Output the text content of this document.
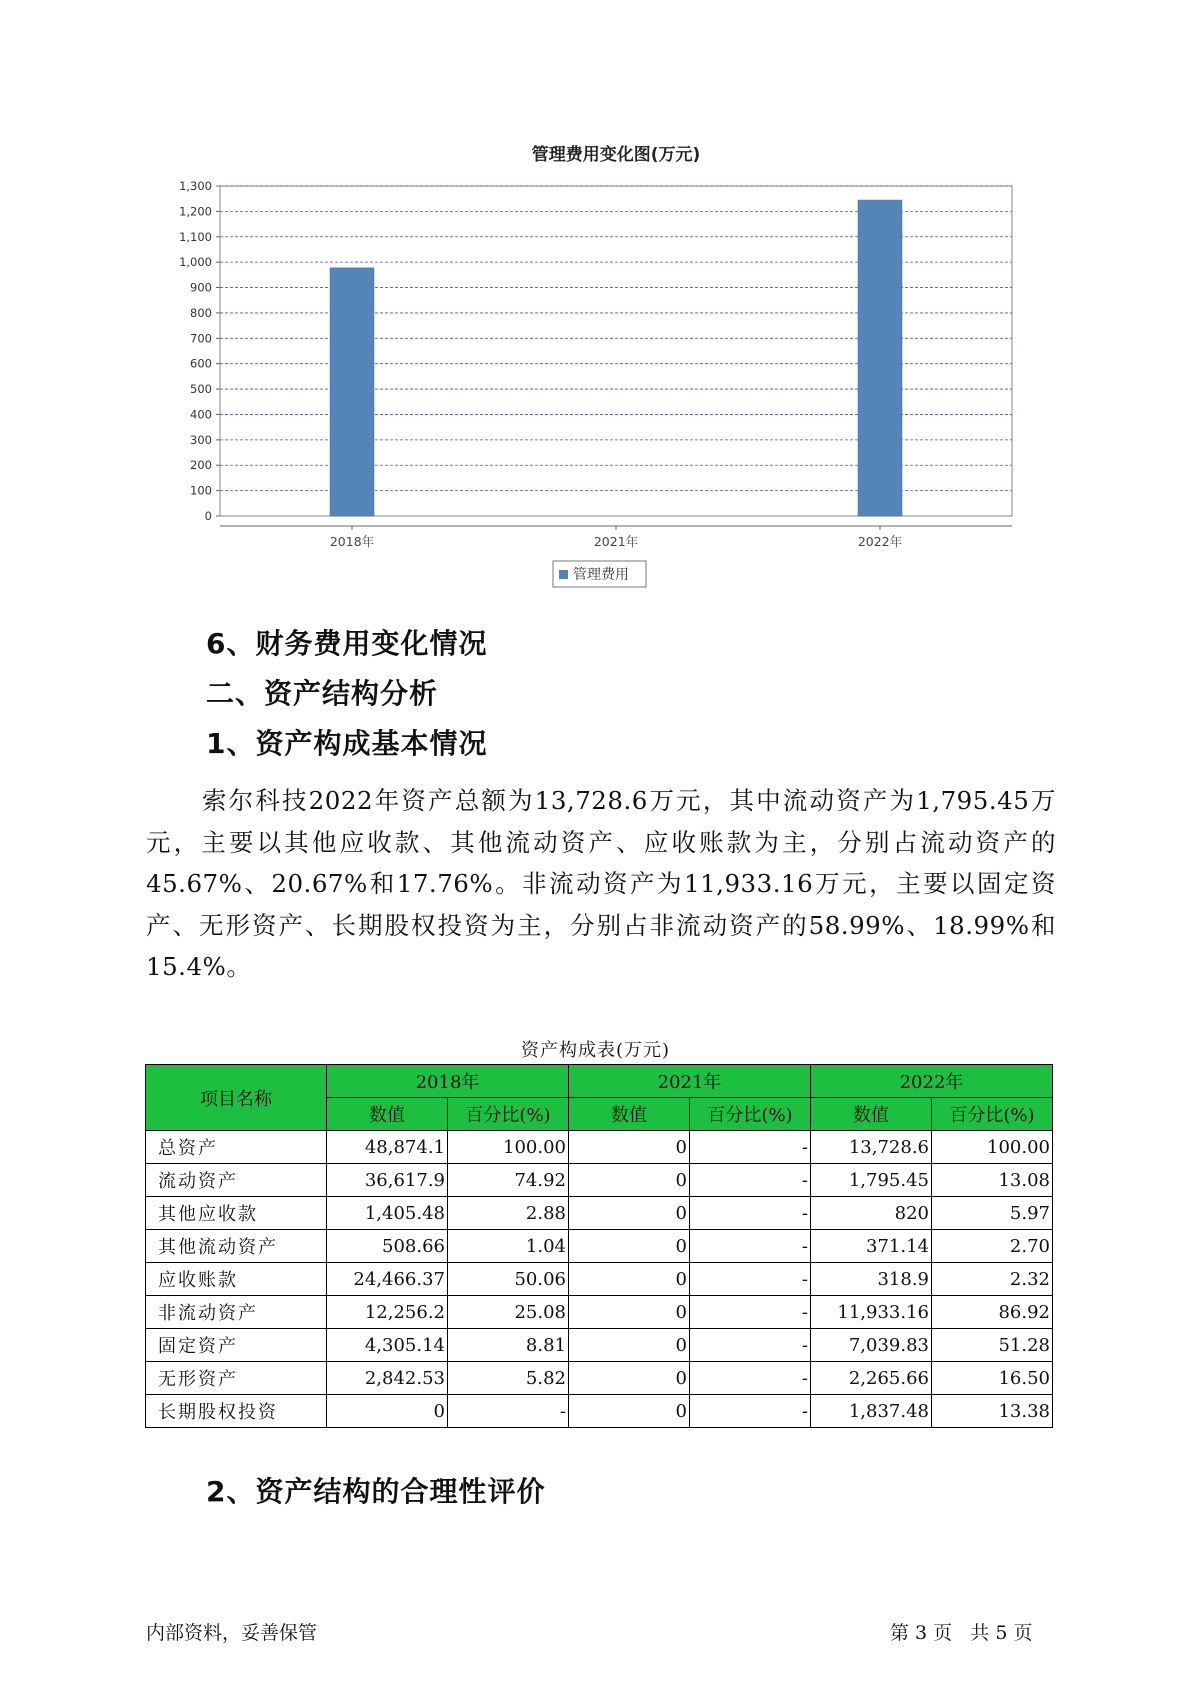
管理费用变化图(万元)
0
100
200
300
400
500
600
700
800
900
1,000
1,100
1,200
1,300
2018年	2021年	2022年
管理费用
6、财务费用变化情况
二、资产结构分析
1、资产构成基本情况
索尔科技2022年资产总额为13,728.6万元，其中流动资产为1,795.45万元，主要以其他应收款、其他流动资产、应收账款为主，分别占流动资产的45.67%、20.67%和17.76%。非流动资产为11,933.16万元，主要以固定资产、无形资产、长期股权投资为主，分别占非流动资产的58.99%、18.99%和15.4%。
资产构成表(万元)
项目名称	2018年		2021年		2022年	
	数值	百分比(%)	数值	百分比(%)	数值	百分比(%)
总资产	48,874.1	100.00	0	-	13,728.6	100.00
流动资产	36,617.9	74.92	0	-	1,795.45	13.08
其他应收款	1,405.48	2.88	0	-	820	5.97
其他流动资产	508.66	1.04	0	-	371.14	2.70
应收账款	24,466.37	50.06	0	-	318.9	2.32
非流动资产	12,256.2	25.08	0	-	11,933.16	86.92
固定资产	4,305.14	8.81	0	-	7,039.83	51.28
无形资产	2,842.53	5.82	0	-	2,265.66	16.50
长期股权投资	0	-	0	-	1,837.48	13.38
2、资产结构的合理性评价
内部资料，妥善保管	第 3 页   共 5 页
